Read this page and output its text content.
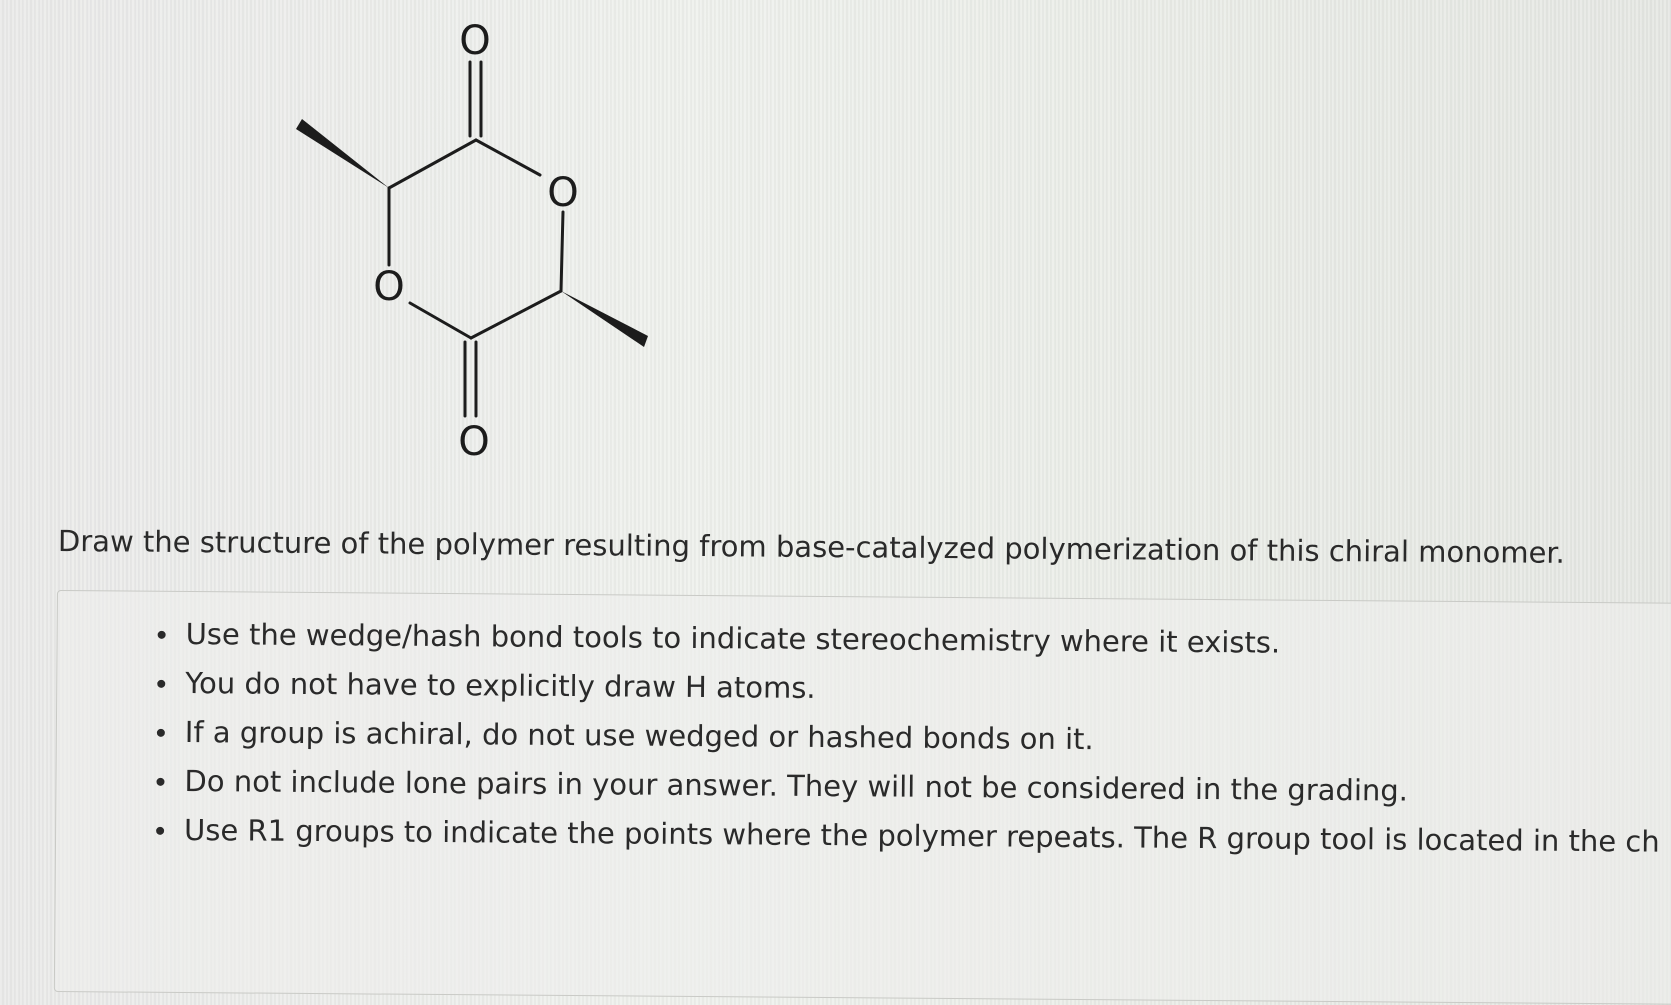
O
O
O
O
Draw the structure of the polymer resulting from base-catalyzed polymerization of this chiral monomer.
Use the wedge/hash bond tools to indicate stereochemistry where it exists.
You do not have to explicitly draw H atoms.
If a group is achiral, do not use wedged or hashed bonds on it.
Do not include lone pairs in your answer. They will not be considered in the grading.
Use R1 groups to indicate the points where the polymer repeats. The R group tool is located in the ch
